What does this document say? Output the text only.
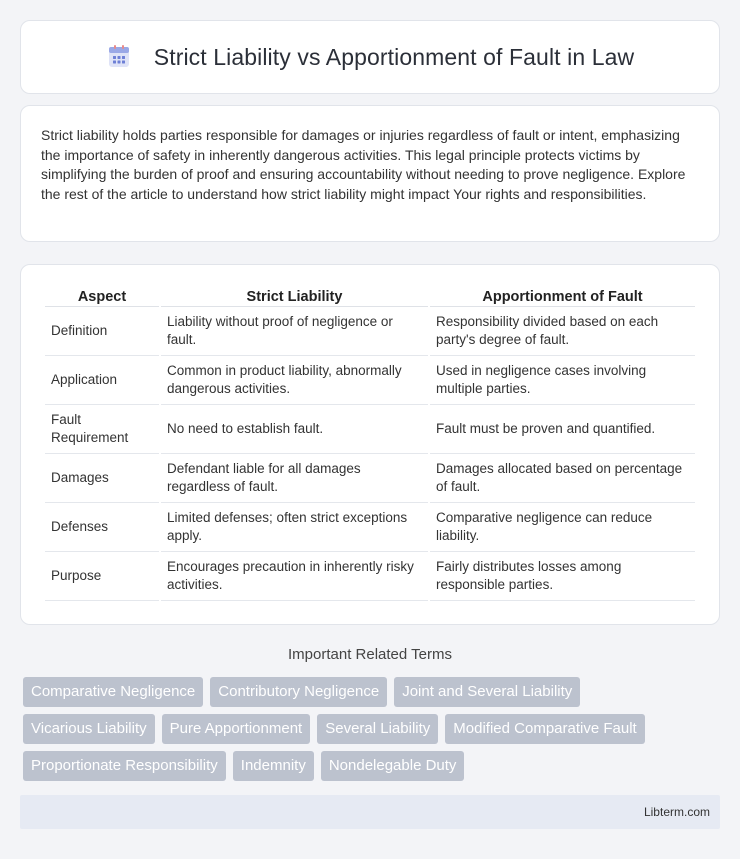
Strict Liability vs Apportionment of Fault in Law

Strict liability holds parties responsible for damages or injuries regardless of fault or intent, emphasizing the importance of safety in inherently dangerous activities. This legal principle protects victims by simplifying the burden of proof and ensuring accountability without needing to prove negligence. Explore the rest of the article to understand how strict liability might impact Your rights and responsibilities.

Aspect	Strict Liability	Apportionment of Fault
Definition	Liability without proof of negligence or fault.	Responsibility divided based on each party's degree of fault.
Application	Common in product liability, abnormally dangerous activities.	Used in negligence cases involving multiple parties.
Fault Requirement	No need to establish fault.	Fault must be proven and quantified.
Damages	Defendant liable for all damages regardless of fault.	Damages allocated based on percentage of fault.
Defenses	Limited defenses; often strict exceptions apply.	Comparative negligence can reduce liability.
Purpose	Encourages precaution in inherently risky activities.	Fairly distributes losses among responsible parties.
Important Related Terms
Comparative Negligence	Contributory Negligence	Joint and Several Liability
Vicarious Liability	Pure Apportionment	Several Liability	Modified Comparative Fault
Proportionate Responsibility	Indemnity	Nondelegable Duty
Libterm.com
